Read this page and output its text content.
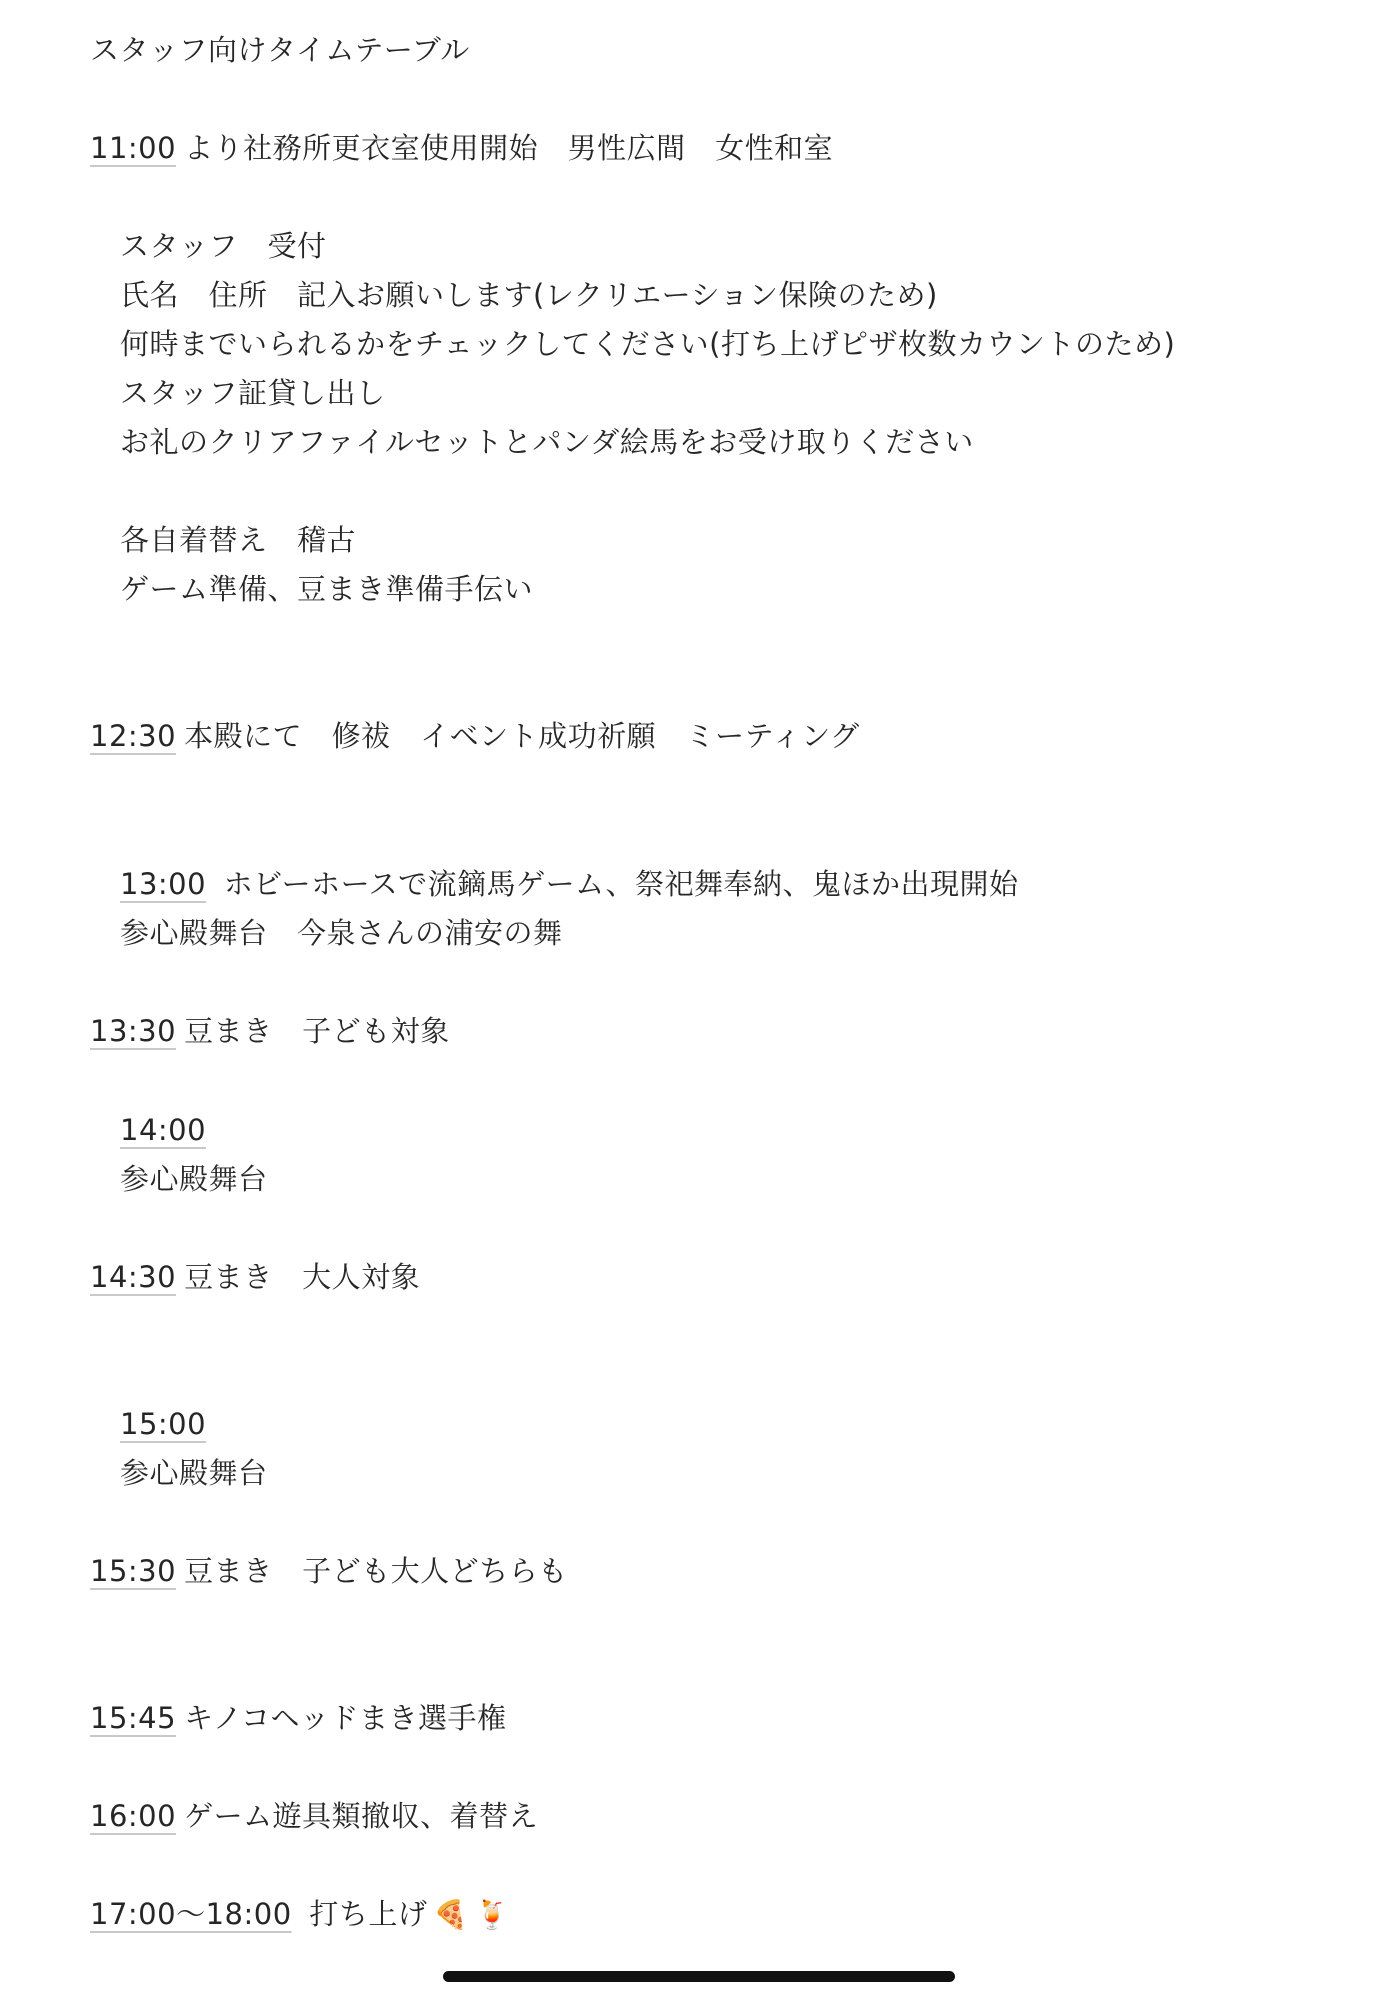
スタッフ向けタイムテーブル
11:00 より社務所更衣室使用開始　男性広間　女性和室
スタッフ　受付
氏名　住所　記入お願いします(レクリエーション保険のため)
何時までいられるかをチェックしてください(打ち上げピザ枚数カウントのため)
スタッフ証貸し出し
お礼のクリアファイルセットとパンダ絵馬をお受け取りください
各自着替え　稽古
ゲーム準備、豆まき準備手伝い
12:30 本殿にて　修祓　イベント成功祈願　ミーティング
13:00 ホビーホースで流鏑馬ゲーム、祭祀舞奉納、鬼ほか出現開始
参心殿舞台　今泉さんの浦安の舞
13:30 豆まき　子ども対象
14:00
参心殿舞台
14:30 豆まき　大人対象
15:00
参心殿舞台
15:30 豆まき　子ども大人どちらも
15:45 キノコヘッドまき選手権
16:00 ゲーム遊具類撤収、着替え
17:00～18:00 打ち上げ 🍕 🍹
